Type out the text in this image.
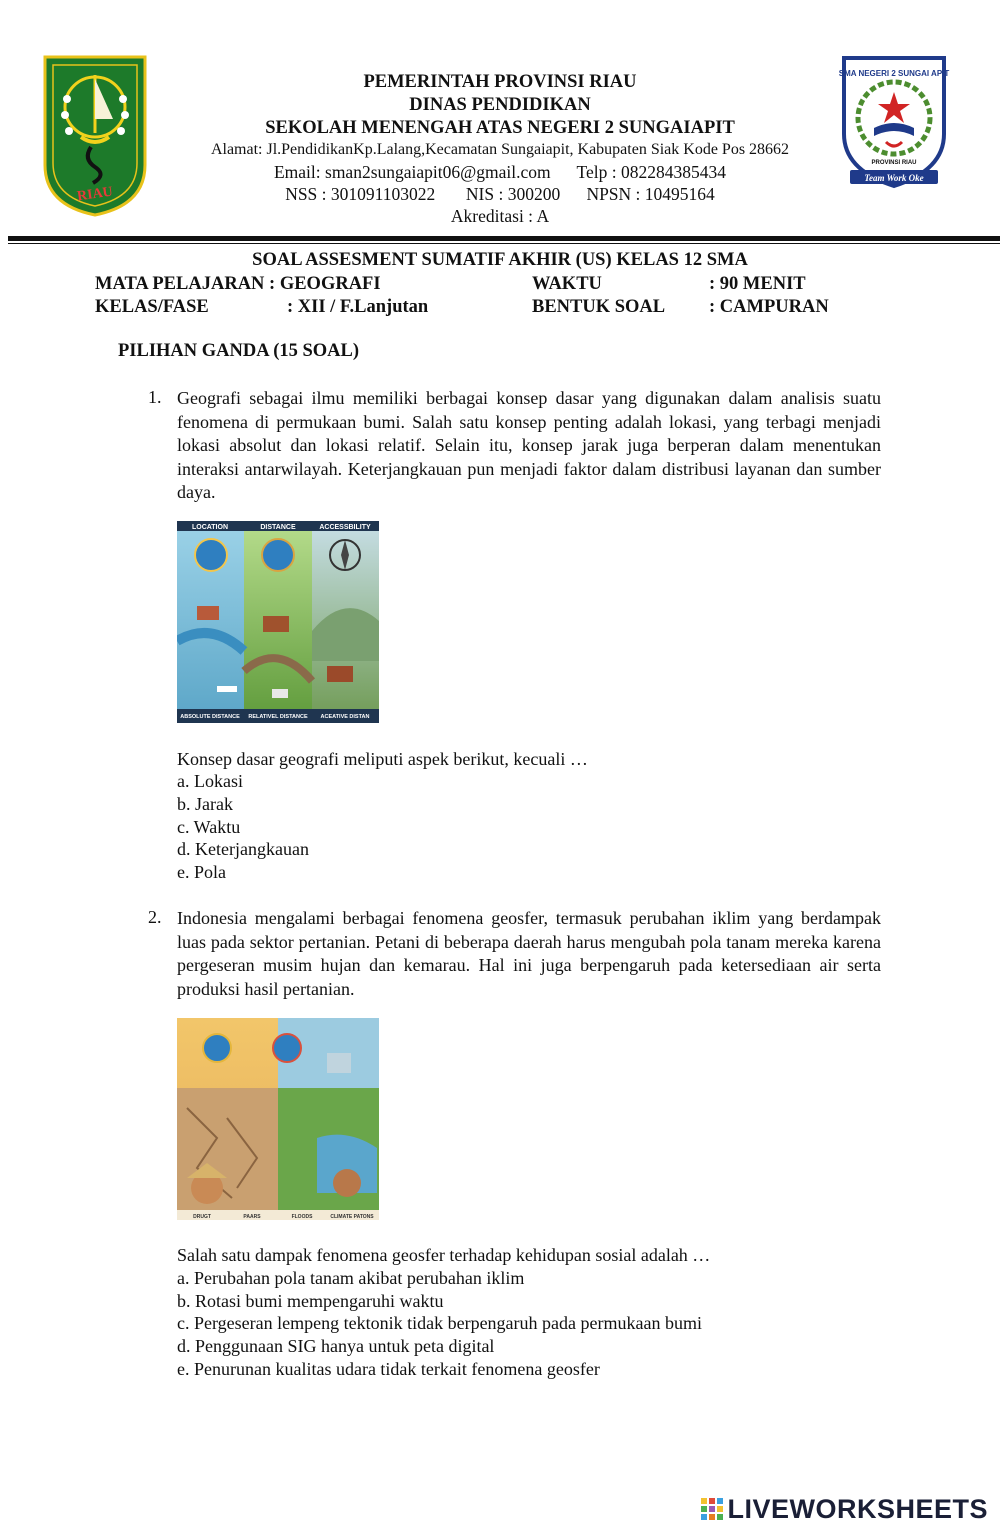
RIAU
SMA NEGERI 2 SUNGAI APIT
PROVINSI RIAU
Team Work Oke
PEMERINTAH PROVINSI RIAU
DINAS PENDIDIKAN
SEKOLAH MENENGAH ATAS NEGERI 2 SUNGAIAPIT
Alamat: Jl.PendidikanKp.Lalang,Kecamatan Sungaiapit, Kabupaten Siak Kode Pos 28662
Email: sman2sungaiapit06@gmail.com      Telp : 082284385434
NSS : 301091103022       NIS : 300200      NPSN : 10495164
Akreditasi : A
SOAL ASSESMENT SUMATIF AKHIR (US) KELAS 12 SMA
MATA PELAJARAN : GEOGRAFI	WAKTU	: 90 MENIT
KELAS/FASE	: XII / F.Lanjutan	BENTUK SOAL : CAMPURAN
PILIHAN GANDA (15 SOAL)
1. Geografi sebagai ilmu memiliki berbagai konsep dasar yang digunakan dalam analisis suatu fenomena di permukaan bumi. Salah satu konsep penting adalah lokasi, yang terbagi menjadi lokasi absolut dan lokasi relatif. Selain itu, konsep jarak juga berperan dalam menentukan interaksi antarwilayah. Keterjangkauan pun menjadi faktor dalam distribusi layanan dan sumber daya.
LOCATION	DISTANCE	ACCESSBILITY
ABSOLUTE DISTANCE RELATIVEL DISTANCE ACEATIVE DISTAN
Konsep dasar geografi meliputi aspek berikut, kecuali …
a. Lokasi
b. Jarak
c. Waktu
d. Keterjangkauan
e. Pola
2. Indonesia mengalami berbagai fenomena geosfer, termasuk perubahan iklim yang berdampak luas pada sektor pertanian. Petani di beberapa daerah harus mengubah pola tanam mereka karena pergeseran musim hujan dan kemarau. Hal ini juga berpengaruh pada ketersediaan air serta produksi hasil pertanian.
DRUGT	PAARS	FLOODS	CLIMATE PATONS
Salah satu dampak fenomena geosfer terhadap kehidupan sosial adalah …
a. Perubahan pola tanam akibat perubahan iklim
b. Rotasi bumi mempengaruhi waktu
c. Pergeseran lempeng tektonik tidak berpengaruh pada permukaan bumi
d. Penggunaan SIG hanya untuk peta digital
e. Penurunan kualitas udara tidak terkait fenomena geosfer
LIVEWORKSHEETS
